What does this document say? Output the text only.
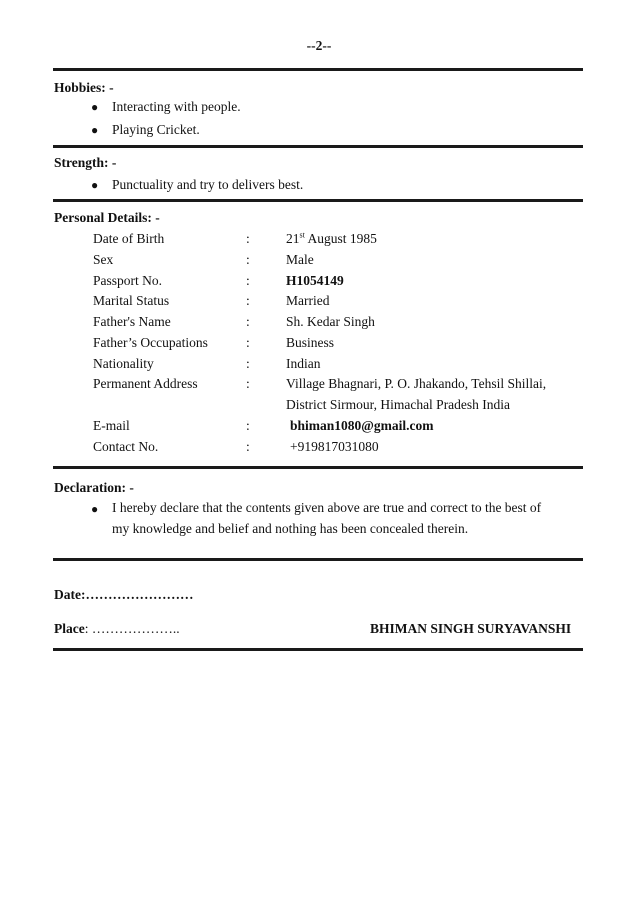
--2--
Hobbies: -
● Interacting with people.
● Playing Cricket.
Strength: -
● Punctuality and try to delivers best.
Personal Details: -
Date of Birth	:	21st August 1985
Sex	:	Male
Passport No.	:	H1054149
Marital Status	:	Married
Father's Name	:	Sh. Kedar Singh
Father’s Occupations	:	Business
Nationality	:	Indian
Permanent Address	:	Village Bhagnari, P. O. Jhakando, Tehsil Shillai,
District Sirmour, Himachal Pradesh India
E-mail	:	bhiman1080@gmail.com
Contact No.	:	+919817031080
Declaration: -
● I hereby declare that the contents given above are true and correct to the best of
my knowledge and belief and nothing has been concealed therein.
Date:……………………
Place: ………………..	BHIMAN SINGH SURYAVANSHI
